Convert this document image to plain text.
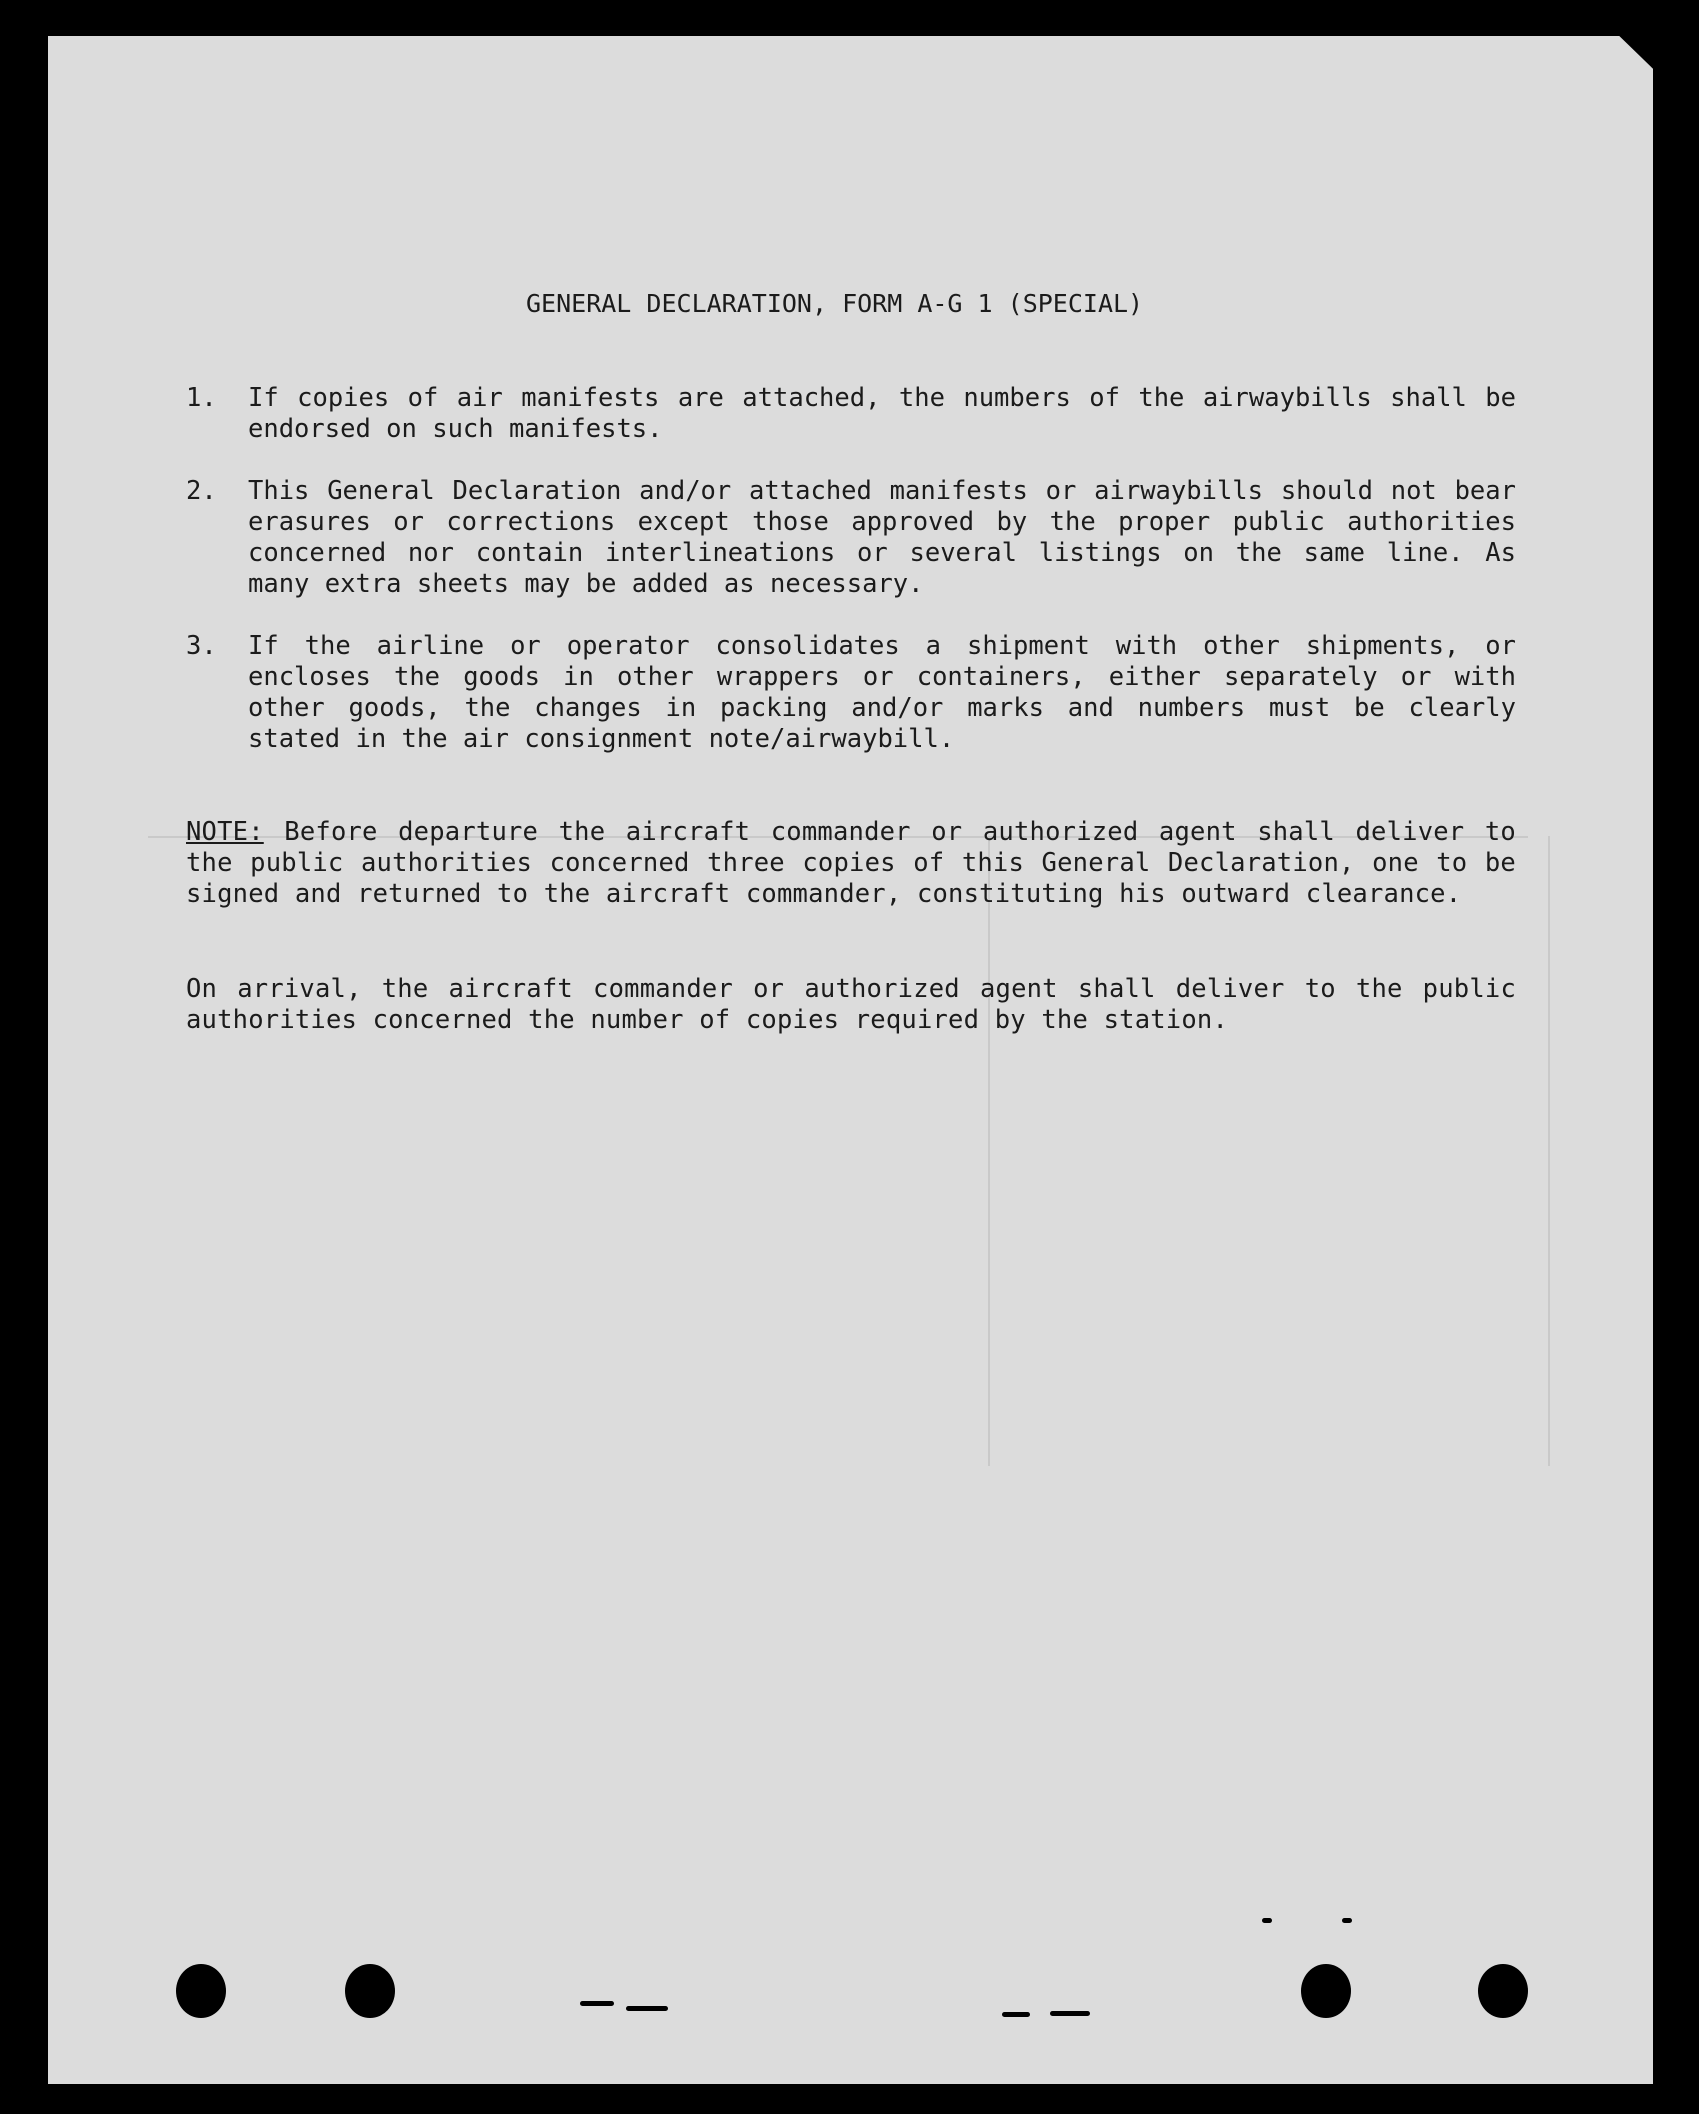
GENERAL DECLARATION, FORM A-G 1 (SPECIAL)
1. If copies of air manifests are attached, the numbers of the airwaybills shall be endorsed on such manifests.
2. This General Declaration and/or attached manifests or airwaybills should not bear erasures or corrections except those approved by the proper public authorities concerned nor contain interlineations or several listings on the same line. As many extra sheets may be added as necessary.
3. If the airline or operator consolidates a shipment with other shipments, or encloses the goods in other wrappers or containers, either separately or with other goods, the changes in packing and/or marks and numbers must be clearly stated in the air consignment note/airwaybill.
NOTE: Before departure the aircraft commander or authorized agent shall deliver to the public authorities concerned three copies of this General Declaration, one to be signed and returned to the aircraft commander, constituting his outward clearance.
On arrival, the aircraft commander or authorized agent shall deliver to the public authorities concerned the number of copies required by the station.
